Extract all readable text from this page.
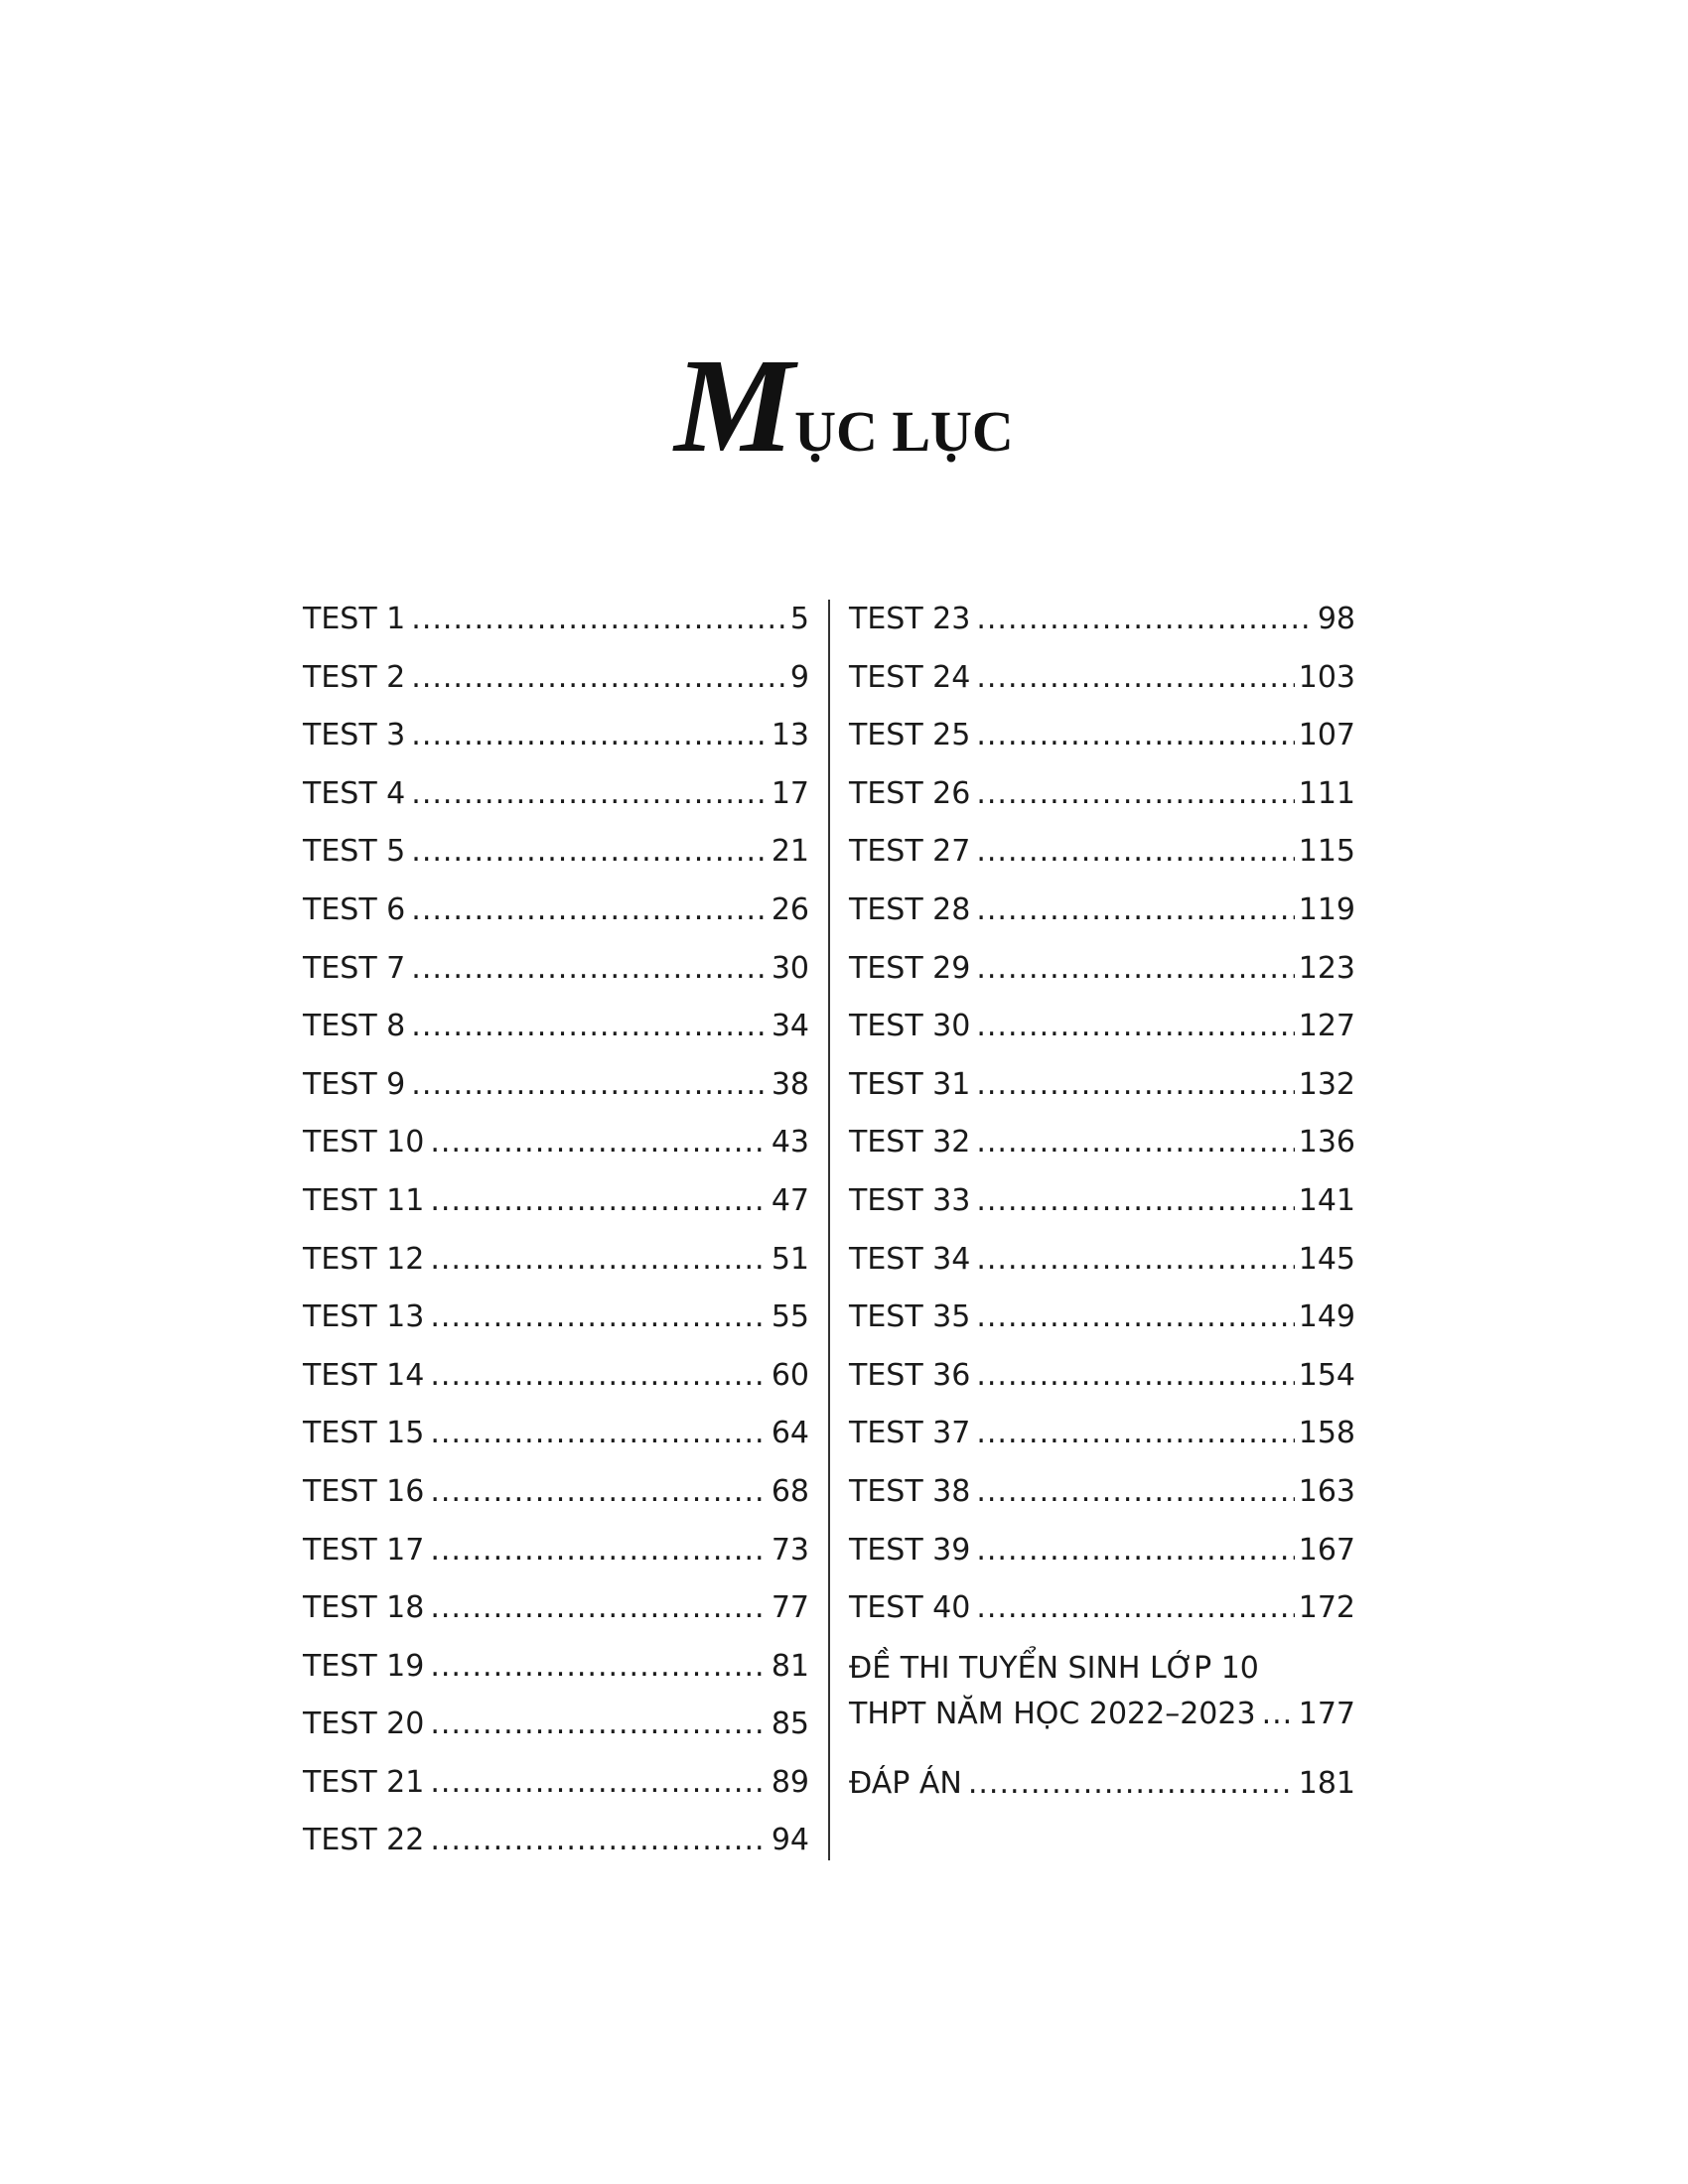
MỤC LỤC
TEST 1 .....	5
TEST 2 .....	9
TEST 3 .....	13
TEST 4 .....	17
TEST 5 .....	21
TEST 6 .....	26
TEST 7 .....	30
TEST 8 .....	34
TEST 9 .....	38
TEST 10 .....	43
TEST 11 .....	47
TEST 12 .....	51
TEST 13 .....	55
TEST 14 .....	60
TEST 15 .....	64
TEST 16 .....	68
TEST 17 .....	73
TEST 18 .....	77
TEST 19 .....	81
TEST 20 .....	85
TEST 21 .....	89
TEST 22 .....	94
TEST 23 .....	98
TEST 24 .....	103
TEST 25 .....	107
TEST 26 .....	111
TEST 27 .....	115
TEST 28 .....	119
TEST 29 .....	123
TEST 30 .....	127
TEST 31 .....	132
TEST 32 .....	136
TEST 33 .....	141
TEST 34 .....	145
TEST 35 .....	149
TEST 36 .....	154
TEST 37 .....	158
TEST 38 .....	163
TEST 39 .....	167
TEST 40 .....	172
ĐỀ THI TUYỂN SINH LỚP 10
THPT NĂM HỌC 2022–2023 ..... 177
ĐÁP ÁN .....	181
